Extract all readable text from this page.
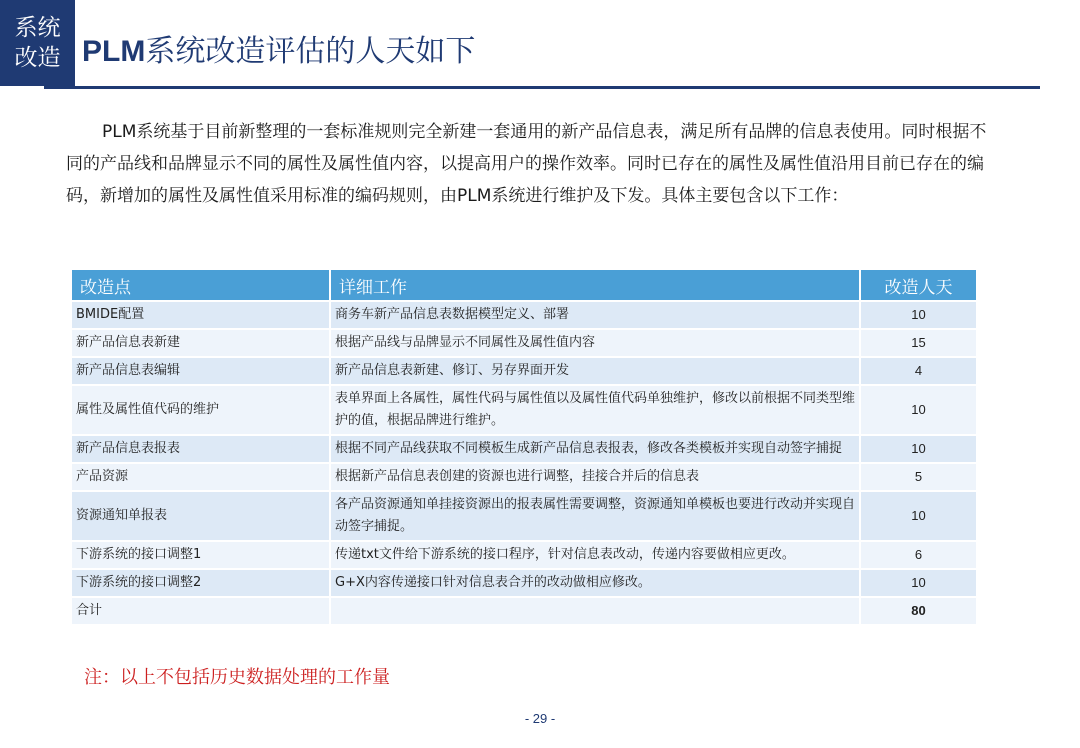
系统
改造 PLM系统改造评估的人天如下
PLM系统基于目前新整理的一套标准规则完全新建一套通用的新产品信息表，满足所有品牌的信息表使用。同时根据不同的产品线和品牌显示不同的属性及属性值内容，以提高用户的操作效率。同时已存在的属性及属性值沿用目前已存在的编码，新增加的属性及属性值采用标准的编码规则，由PLM系统进行维护及下发。具体主要包含以下工作：
改造点	详细工作	改造人天
BMIDE配置	商务车新产品信息表数据模型定义、部署	10
新产品信息表新建	根据产品线与品牌显示不同属性及属性值内容	15
新产品信息表编辑	新产品信息表新建、修订、另存界面开发	4
属性及属性值代码的维护	表单界面上各属性，属性代码与属性值以及属性值代码单独维护，修改以前根据不同类型维护的值，根据品牌进行维护。	10
新产品信息表报表	根据不同产品线获取不同模板生成新产品信息表报表，修改各类模板并实现自动签字捕捉	10
产品资源	根据新产品信息表创建的资源也进行调整，挂接合并后的信息表	5
资源通知单报表	各产品资源通知单挂接资源出的报表属性需要调整，资源通知单模板也要进行改动并实现自动签字捕捉。	10
下游系统的接口调整1	传递txt文件给下游系统的接口程序，针对信息表改动，传递内容要做相应更改。	6
下游系统的接口调整2	G+X内容传递接口针对信息表合并的改动做相应修改。	10
合计		80
注：以上不包括历史数据处理的工作量
- 29 -
